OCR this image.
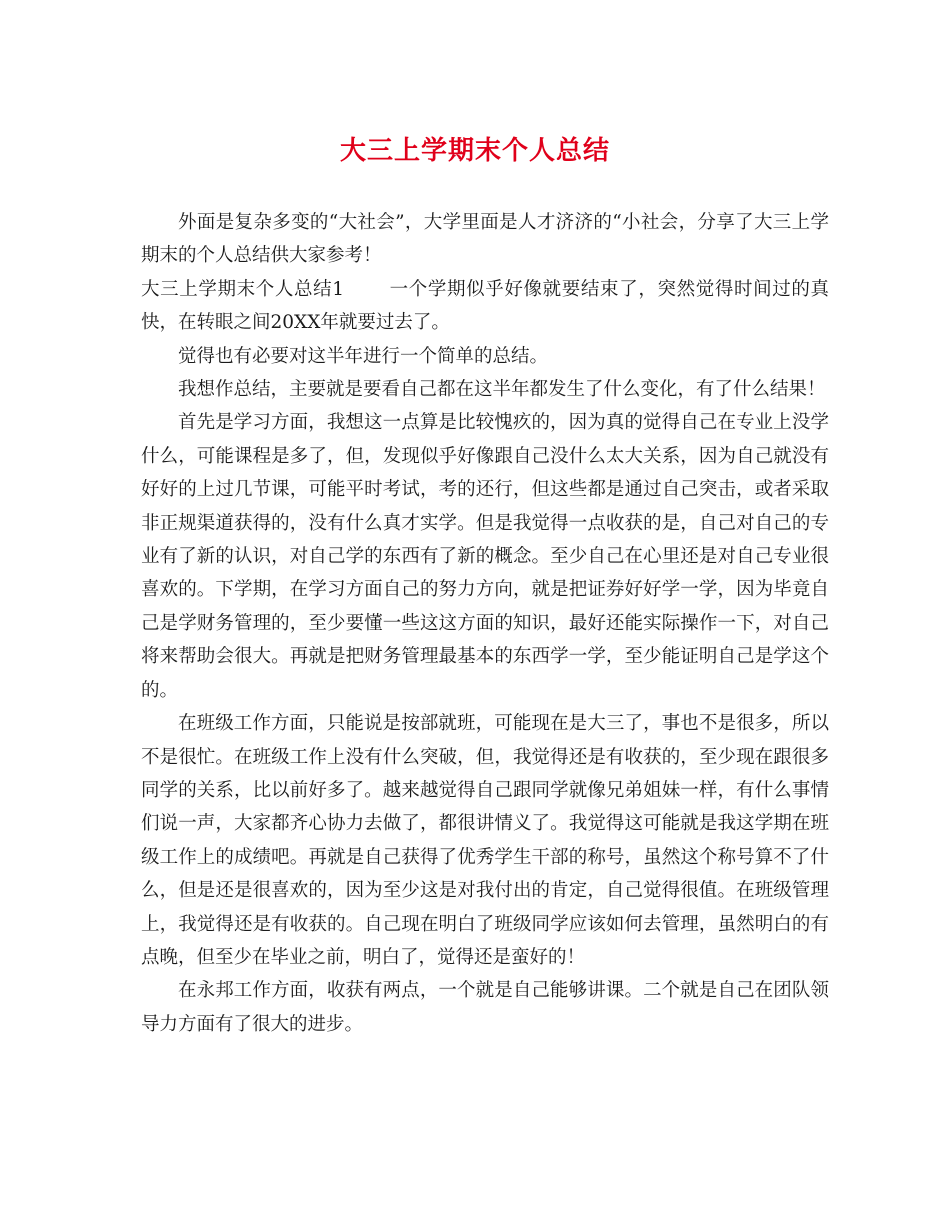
大三上学期末个人总结

外面是复杂多变的“大社会”，大学里面是人才济济的“小社会，分享了大三上学期末的个人总结供大家参考！

大三上学期末个人总结1 一个学期似乎好像就要结束了，突然觉得时间过的真快，在转眼之间20XX年就要过去了。

觉得也有必要对这半年进行一个简单的总结。

我想作总结，主要就是要看自己都在这半年都发生了什么变化，有了什么结果！

首先是学习方面，我想这一点算是比较愧疚的，因为真的觉得自己在专业上没学什么，可能课程是多了，但，发现似乎好像跟自己没什么太大关系，因为自己就没有好好的上过几节课，可能平时考试，考的还行，但这些都是通过自己突击，或者采取非正规渠道获得的，没有什么真才实学。但是我觉得一点收获的是，自己对自己的专业有了新的认识，对自己学的东西有了新的概念。至少自己在心里还是对自己专业很喜欢的。下学期，在学习方面自己的努力方向，就是把证券好好学一学，因为毕竟自己是学财务管理的，至少要懂一些这这方面的知识，最好还能实际操作一下，对自己将来帮助会很大。再就是把财务管理最基本的东西学一学，至少能证明自己是学这个的。

在班级工作方面，只能说是按部就班，可能现在是大三了，事也不是很多，所以不是很忙。在班级工作上没有什么突破，但，我觉得还是有收获的，至少现在跟很多同学的关系，比以前好多了。越来越觉得自己跟同学就像兄弟姐妹一样，有什么事情们说一声，大家都齐心协力去做了，都很讲情义了。我觉得这可能就是我这学期在班级工作上的成绩吧。再就是自己获得了优秀学生干部的称号，虽然这个称号算不了什么，但是还是很喜欢的，因为至少这是对我付出的肯定，自己觉得很值。在班级管理上，我觉得还是有收获的。自己现在明白了班级同学应该如何去管理，虽然明白的有点晚，但至少在毕业之前，明白了，觉得还是蛮好的！

在永邦工作方面，收获有两点，一个就是自己能够讲课。二个就是自己在团队领导力方面有了很大的进步。
